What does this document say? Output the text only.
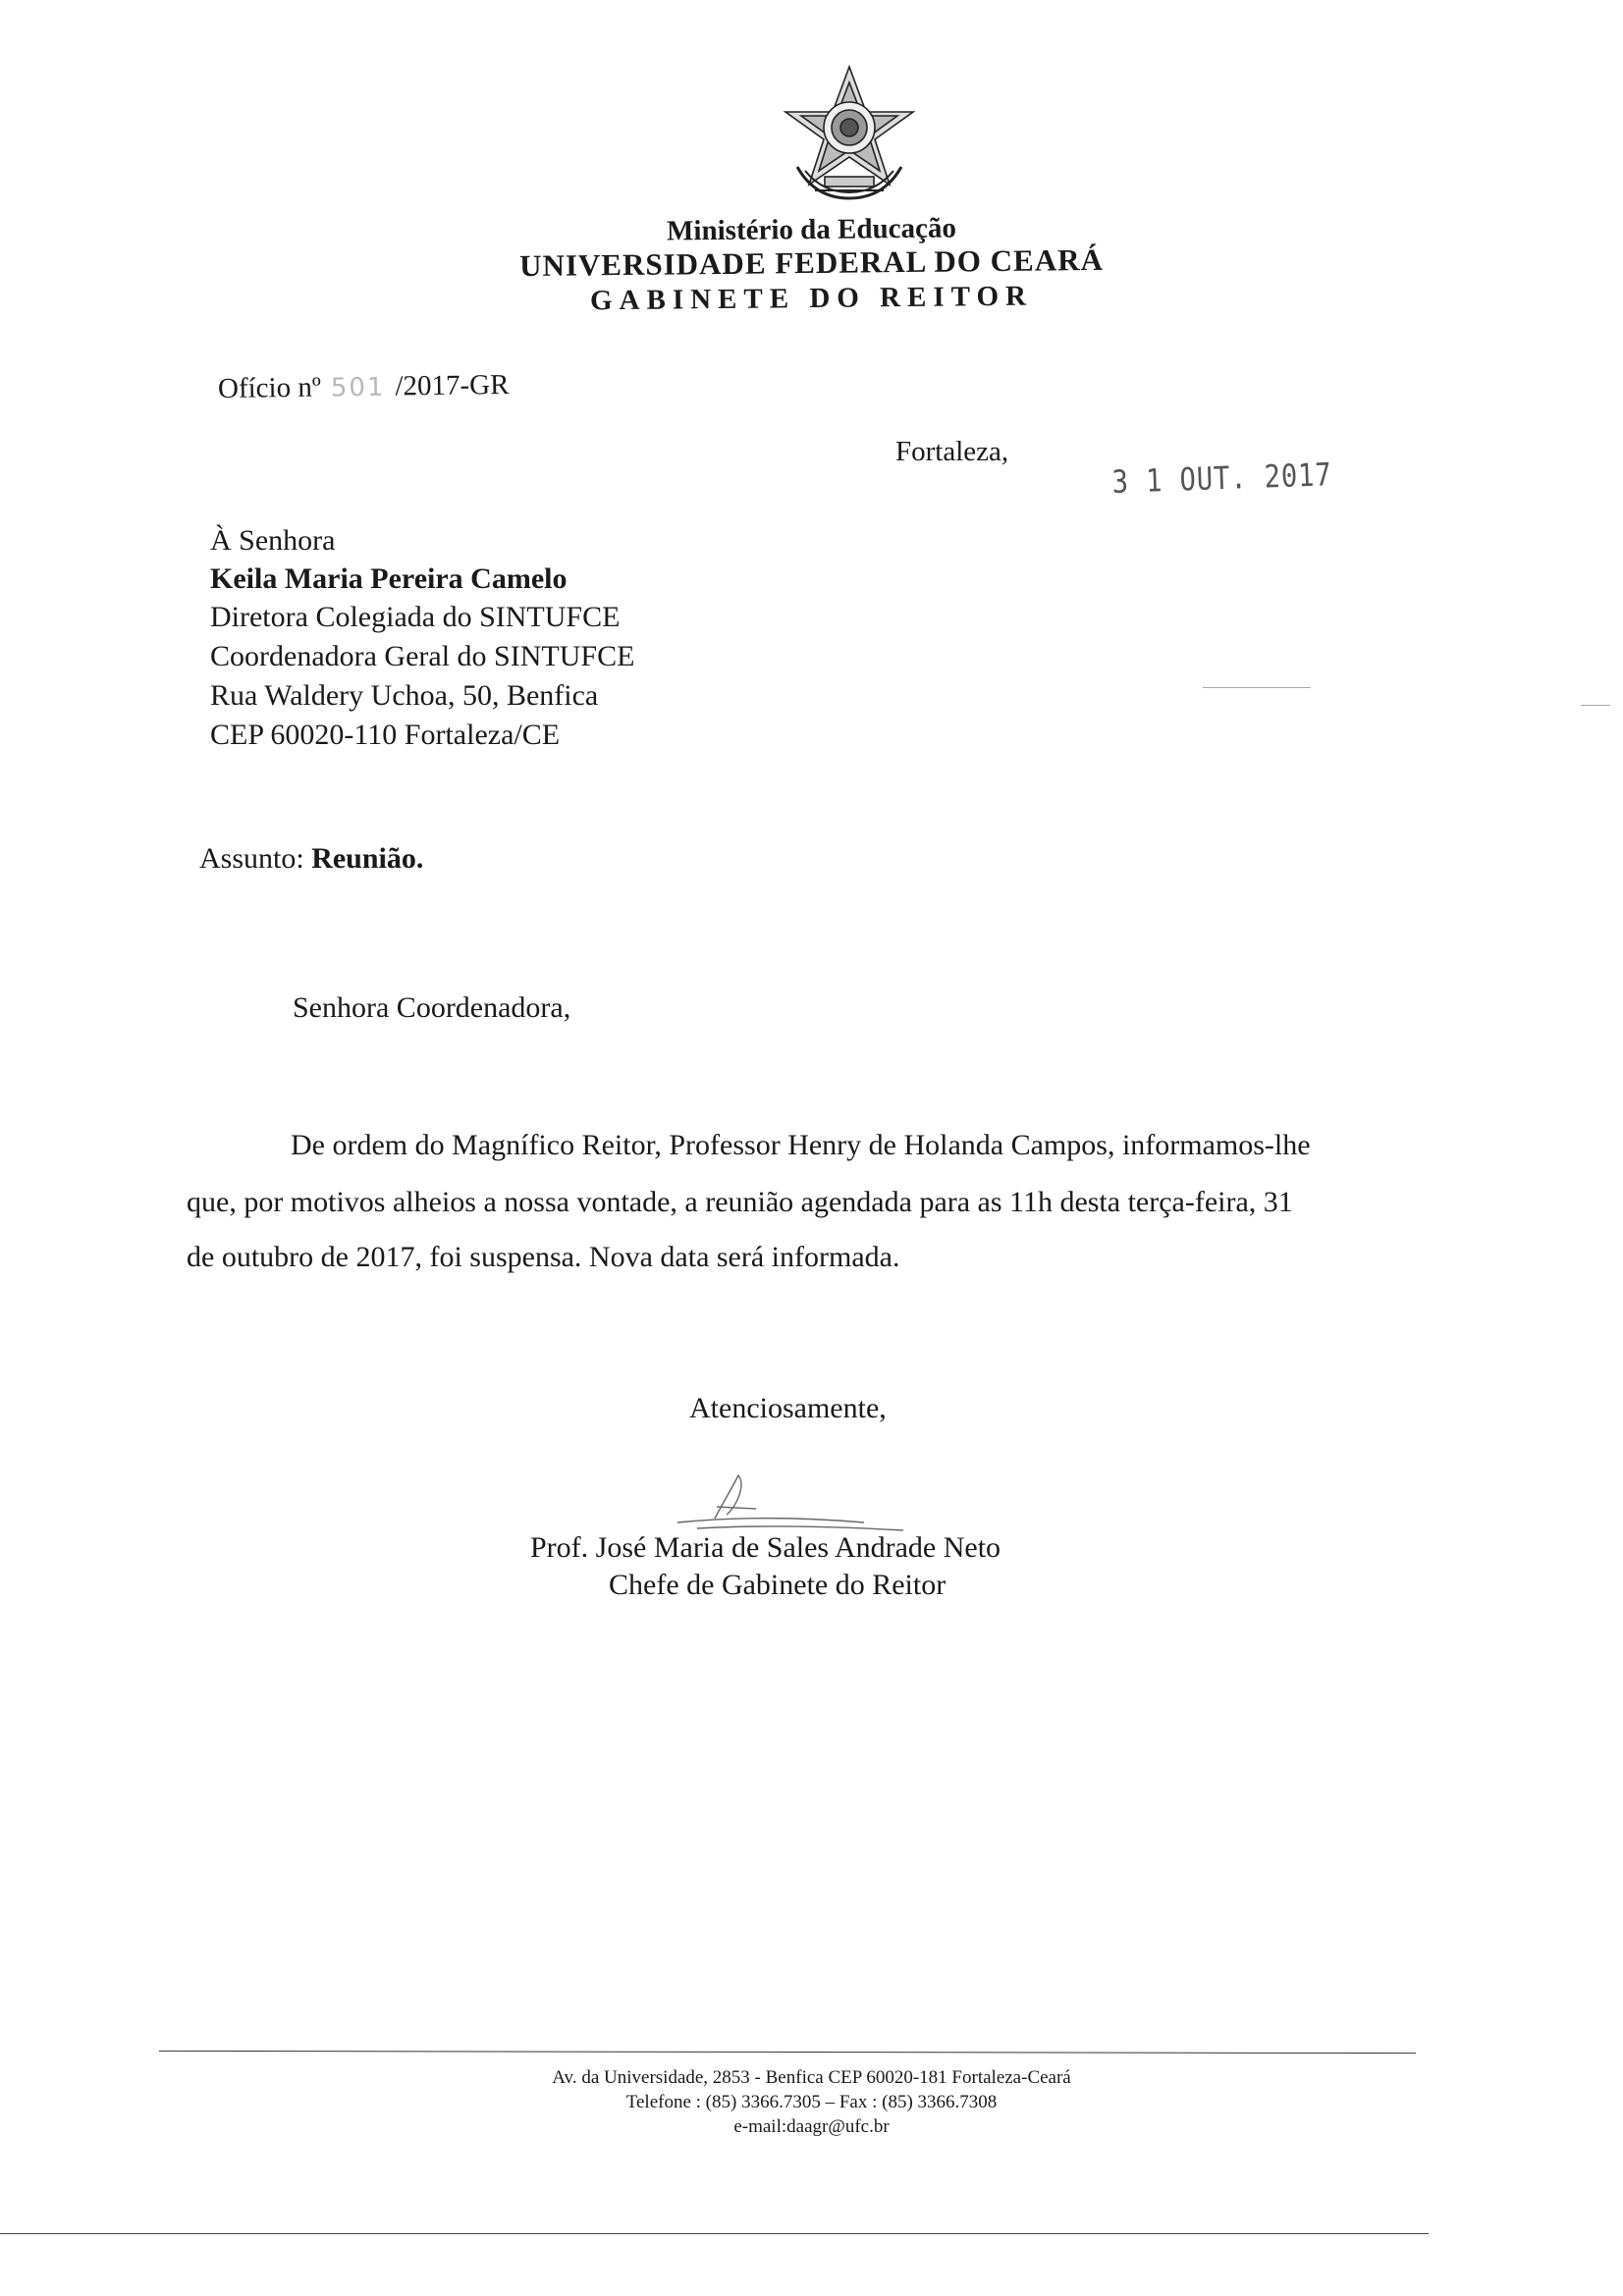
Ministério da Educação
UNIVERSIDADE FEDERAL DO CEARÁ
GABINETE DO REITOR
Ofício nº 501 /2017-GR
Fortaleza,
3 1 OUT. 2017
À Senhora
Keila Maria Pereira Camelo
Diretora Colegiada do SINTUFCE
Coordenadora Geral do SINTUFCE
Rua Waldery Uchoa, 50, Benfica
CEP 60020-110 Fortaleza/CE
Assunto: Reunião.
Senhora Coordenadora,
De ordem do Magnífico Reitor, Professor Henry de Holanda Campos, informamos-lhe
que, por motivos alheios a nossa vontade, a reunião agendada para as 11h desta terça-feira, 31
de outubro de 2017, foi suspensa. Nova data será informada.
Atenciosamente,
Prof. José Maria de Sales Andrade Neto
Chefe de Gabinete do Reitor
Av. da Universidade, 2853 - Benfica CEP 60020-181 Fortaleza-Ceará
Telefone : (85) 3366.7305 – Fax : (85) 3366.7308
e-mail:daagr@ufc.br
